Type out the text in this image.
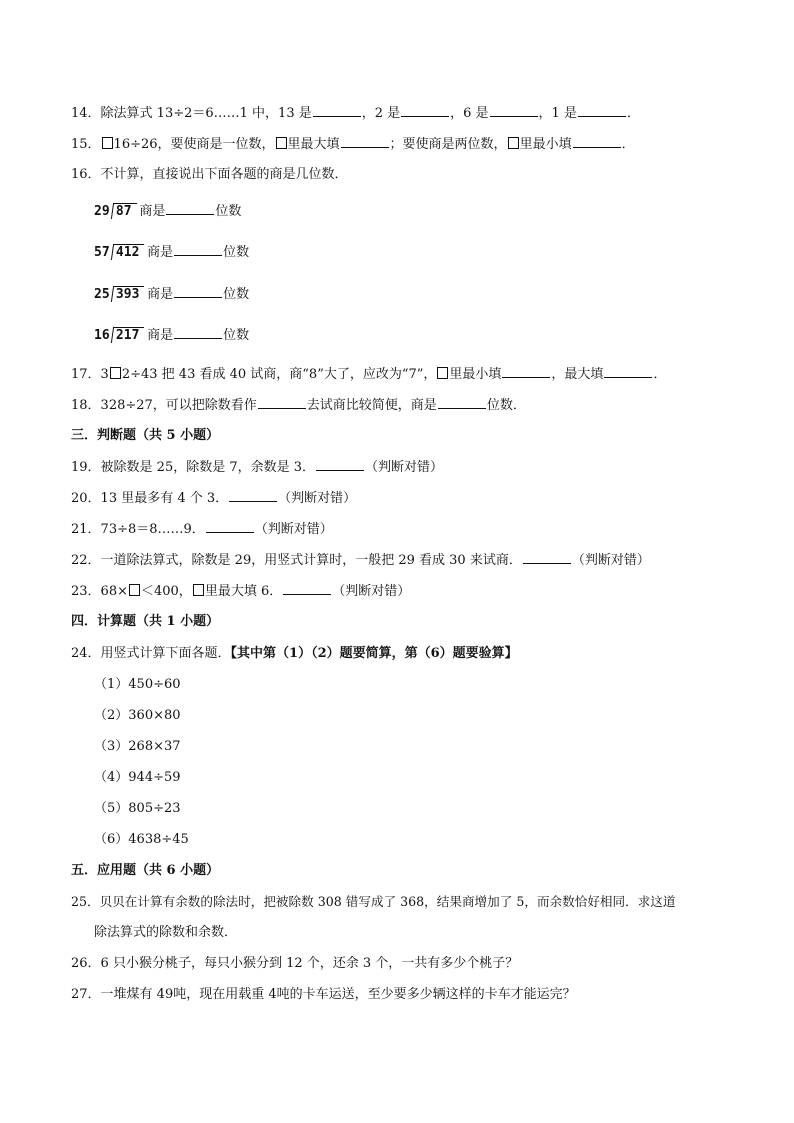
14．除法算式 13÷2＝6……1 中，13 是	，2 是	，6 是	，1 是	．
15． 16÷26，要使商是一位数， 里最大填	；要使商是两位数， 里最小填	．
16．不计算，直接说出下面各题的商是几位数．
29 87 商是	位数
57 412 商是	位数
25 393 商是	位数
16 217 商是	位数
17．3 2÷43 把 43 看成 40 试商，商“8”大了，应改为“7”， 里最小填	，最大填	．
18．328÷27，可以把除数看作	去试商比较简便，商是	位数．
三．判断题（共 5 小题）
19．被除数是 25，除数是 7，余数是 3．	（判断对错）
20．13 里最多有 4 个 3．	（判断对错）
21．73÷8＝8……9．	（判断对错）
22．一道除法算式，除数是 29，用竖式计算时，一般把 29 看成 30 来试商．	（判断对错）
23．68× ＜400， 里最大填 6．	（判断对错）
四．计算题（共 1 小题）
24．用竖式计算下面各题．【其中第（1）（2）题要简算，第（6）题要验算】
（1）450÷60
（2）360×80
（3）268×37
（4）944÷59
（5）805÷23
（6）4638÷45
五．应用题（共 6 小题）
25．贝贝在计算有余数的除法时，把被除数 308 错写成了 368，结果商增加了 5，而余数恰好相同．求这道
除法算式的除数和余数．
26．6 只小猴分桃子，每只小猴分到 12 个，还余 3 个，一共有多少个桃子？
27．一堆煤有 49吨，现在用载重 4吨的卡车运送，至少要多少辆这样的卡车才能运完？
